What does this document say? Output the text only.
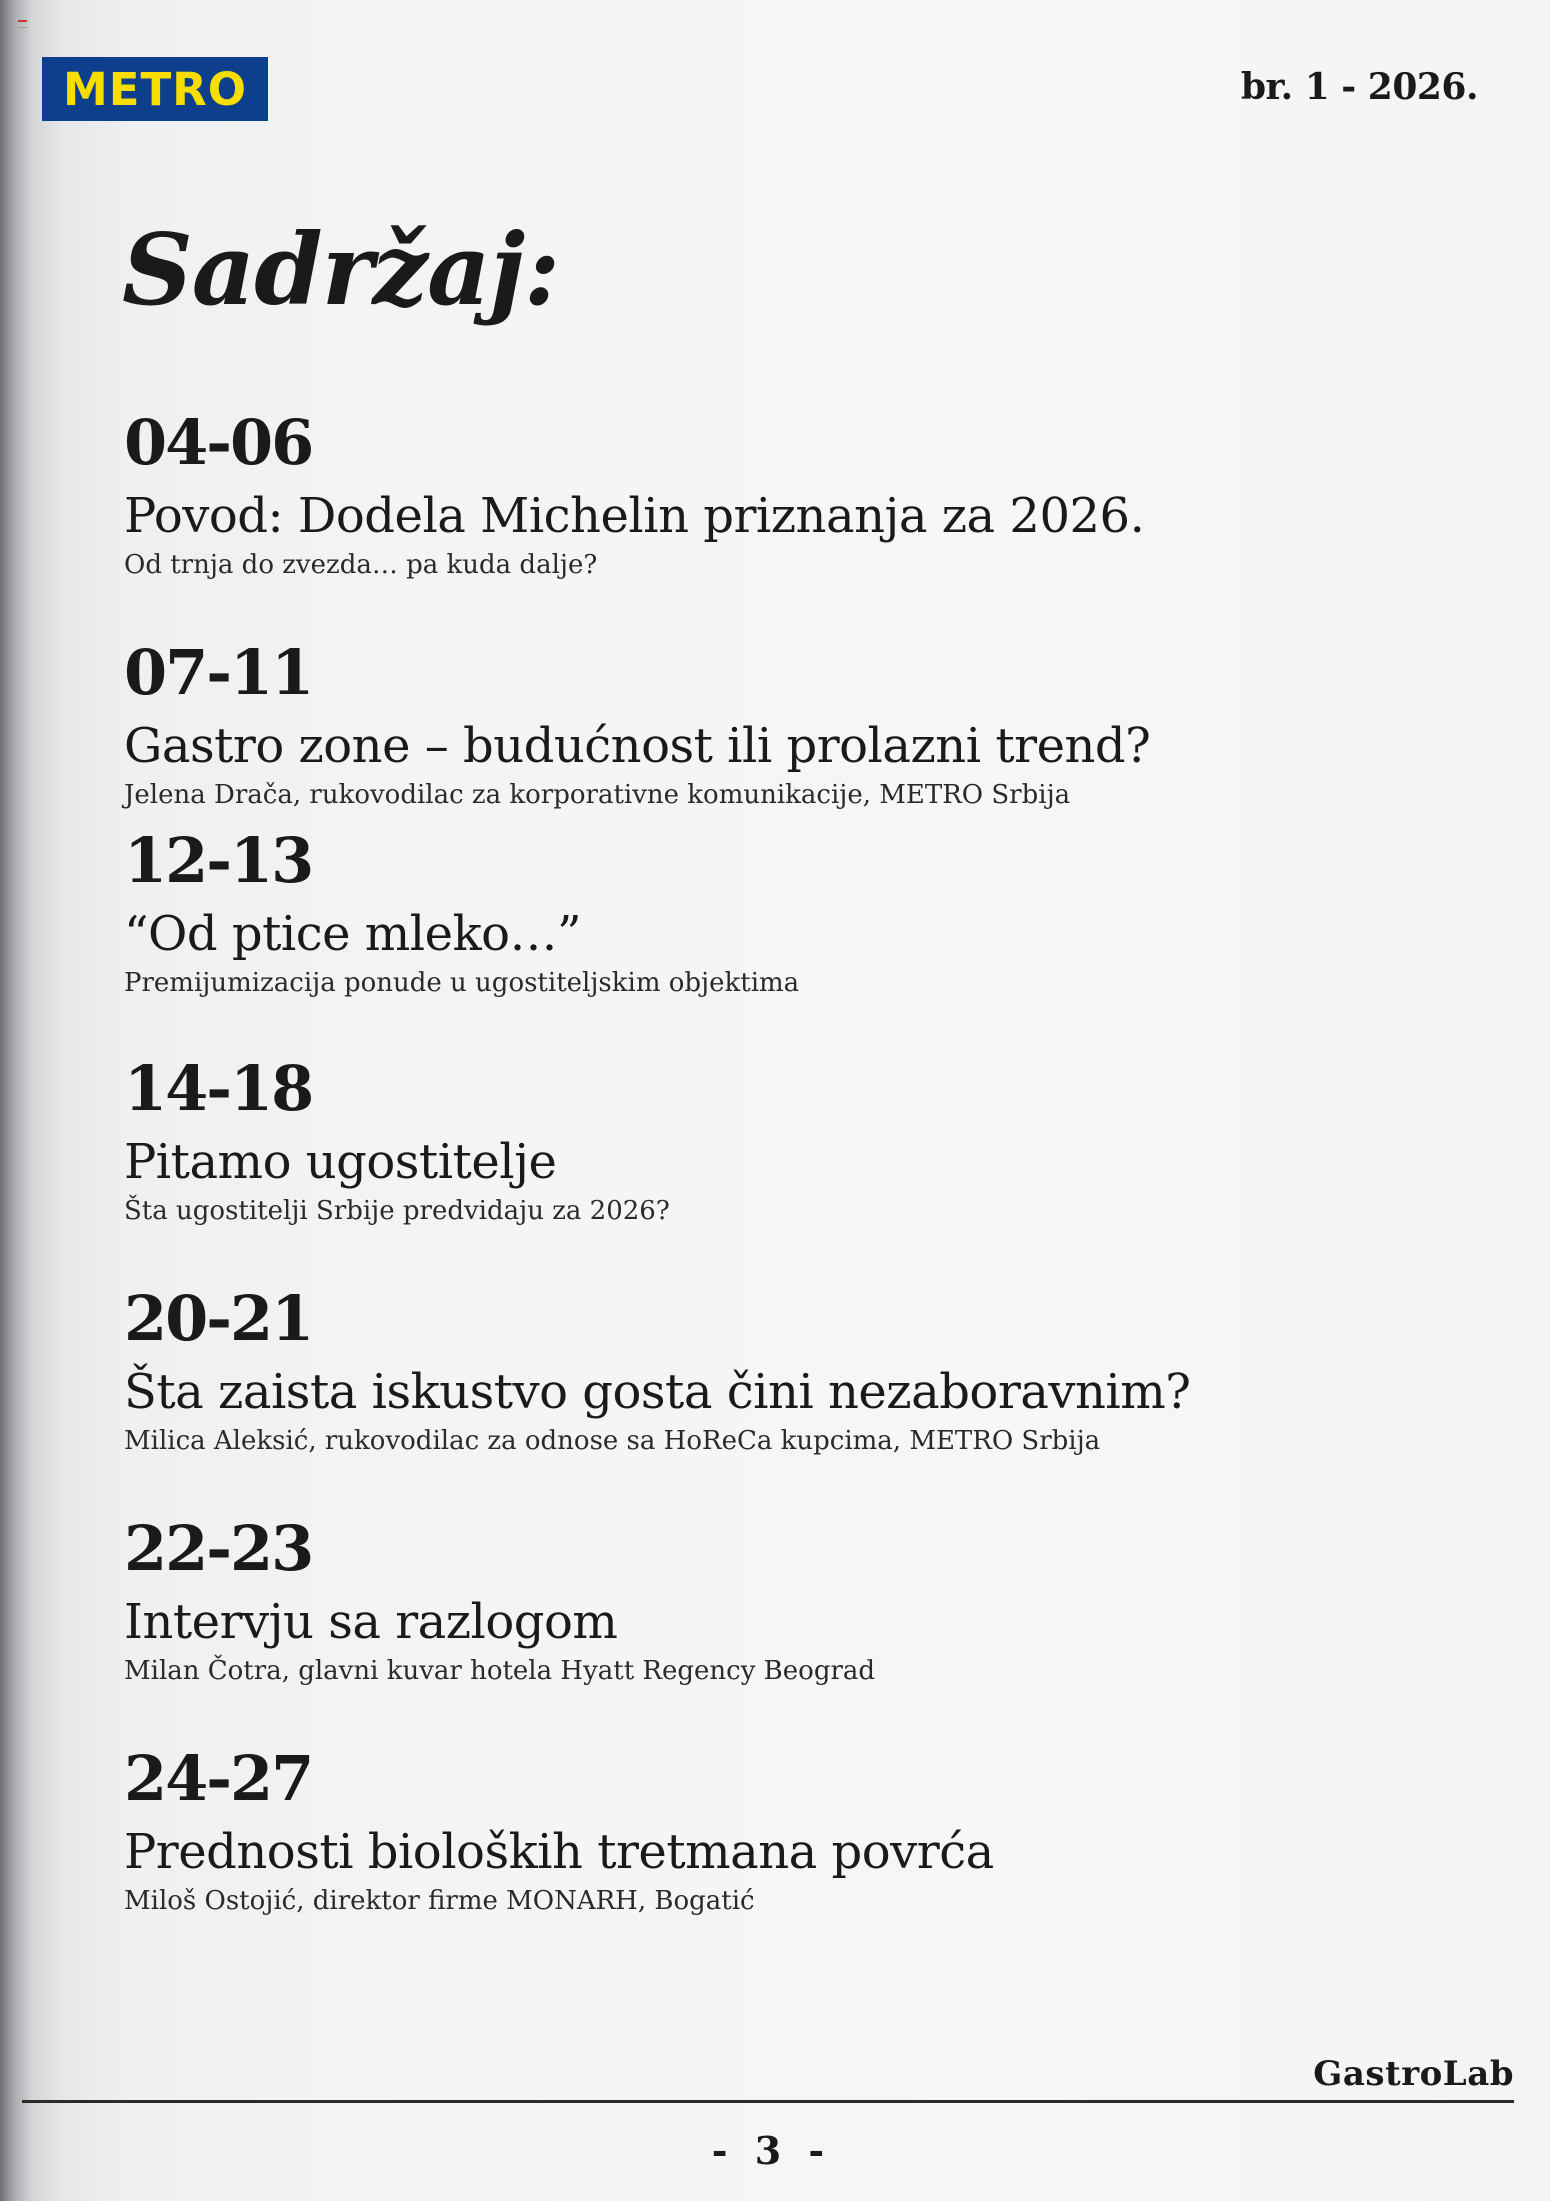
METRO	br. 1 - 2026.

Sadržaj:
04-06
Povod: Dodela Michelin priznanja za 2026.
Od trnja do zvezda… pa kuda dalje?
07-11
Gastro zone – budućnost ili prolazni trend?
Jelena Drača, rukovodilac za korporativne komunikacije, METRO Srbija
12-13
“Od ptice mleko…”
Premijumizacija ponude u ugostiteljskim objektima
14-18
Pitamo ugostitelje
Šta ugostitelji Srbije predvidaju za 2026?
20-21
Šta zaista iskustvo gosta čini nezaboravnim?
Milica Aleksić, rukovodilac za odnose sa HoReCa kupcima, METRO Srbija
22-23
Intervju sa razlogom
Milan Čotra, glavni kuvar hotela Hyatt Regency Beograd
24-27
Prednosti bioloških tretmana povrća
Miloš Ostojić, direktor firme MONARH, Bogatić

GastroLab

- 3 -
